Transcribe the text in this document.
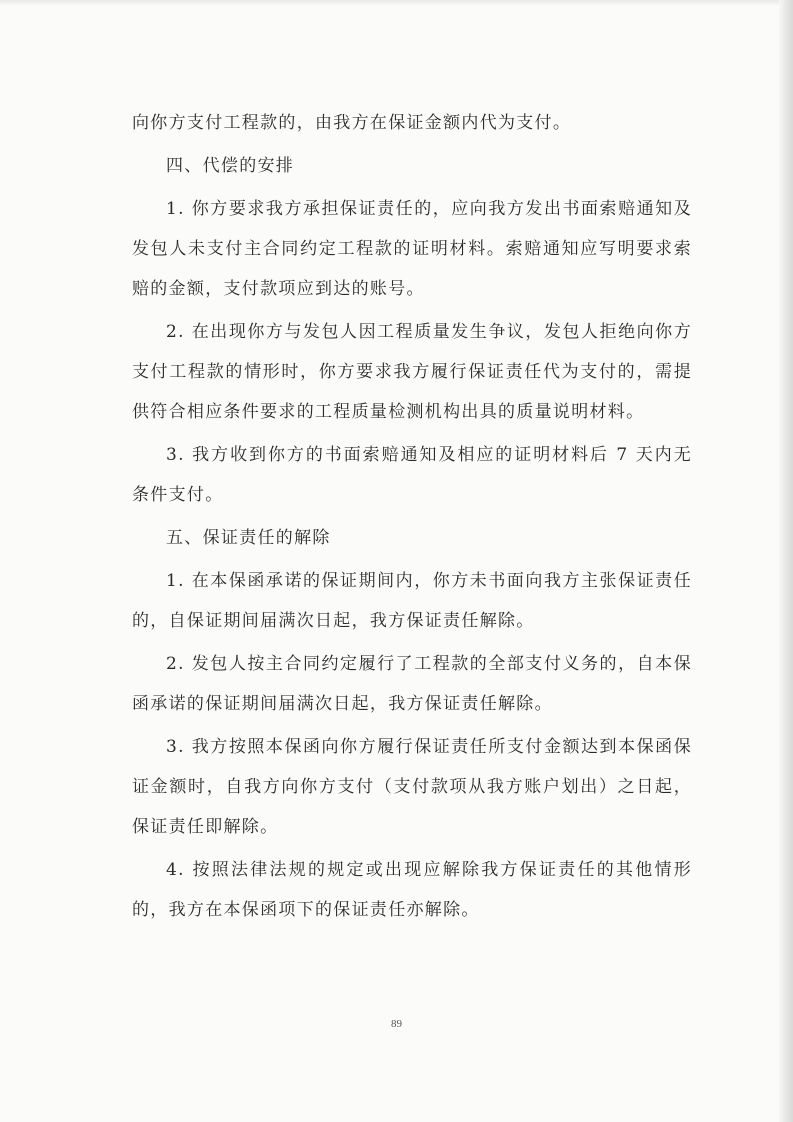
向你方支付工程款的，由我方在保证金额内代为支付。

四、代偿的安排

1. 你方要求我方承担保证责任的，应向我方发出书面索赔通知及发包人未支付主合同约定工程款的证明材料。索赔通知应写明要求索赔的金额，支付款项应到达的账号。

2. 在出现你方与发包人因工程质量发生争议，发包人拒绝向你方支付工程款的情形时，你方要求我方履行保证责任代为支付的，需提供符合相应条件要求的工程质量检测机构出具的质量说明材料。

3. 我方收到你方的书面索赔通知及相应的证明材料后 7 天内无条件支付。

五、保证责任的解除

1. 在本保函承诺的保证期间内，你方未书面向我方主张保证责任的，自保证期间届满次日起，我方保证责任解除。

2. 发包人按主合同约定履行了工程款的全部支付义务的，自本保函承诺的保证期间届满次日起，我方保证责任解除。

3. 我方按照本保函向你方履行保证责任所支付金额达到本保函保证金额时，自我方向你方支付（支付款项从我方账户划出）之日起，保证责任即解除。

4. 按照法律法规的规定或出现应解除我方保证责任的其他情形的，我方在本保函项下的保证责任亦解除。

89
